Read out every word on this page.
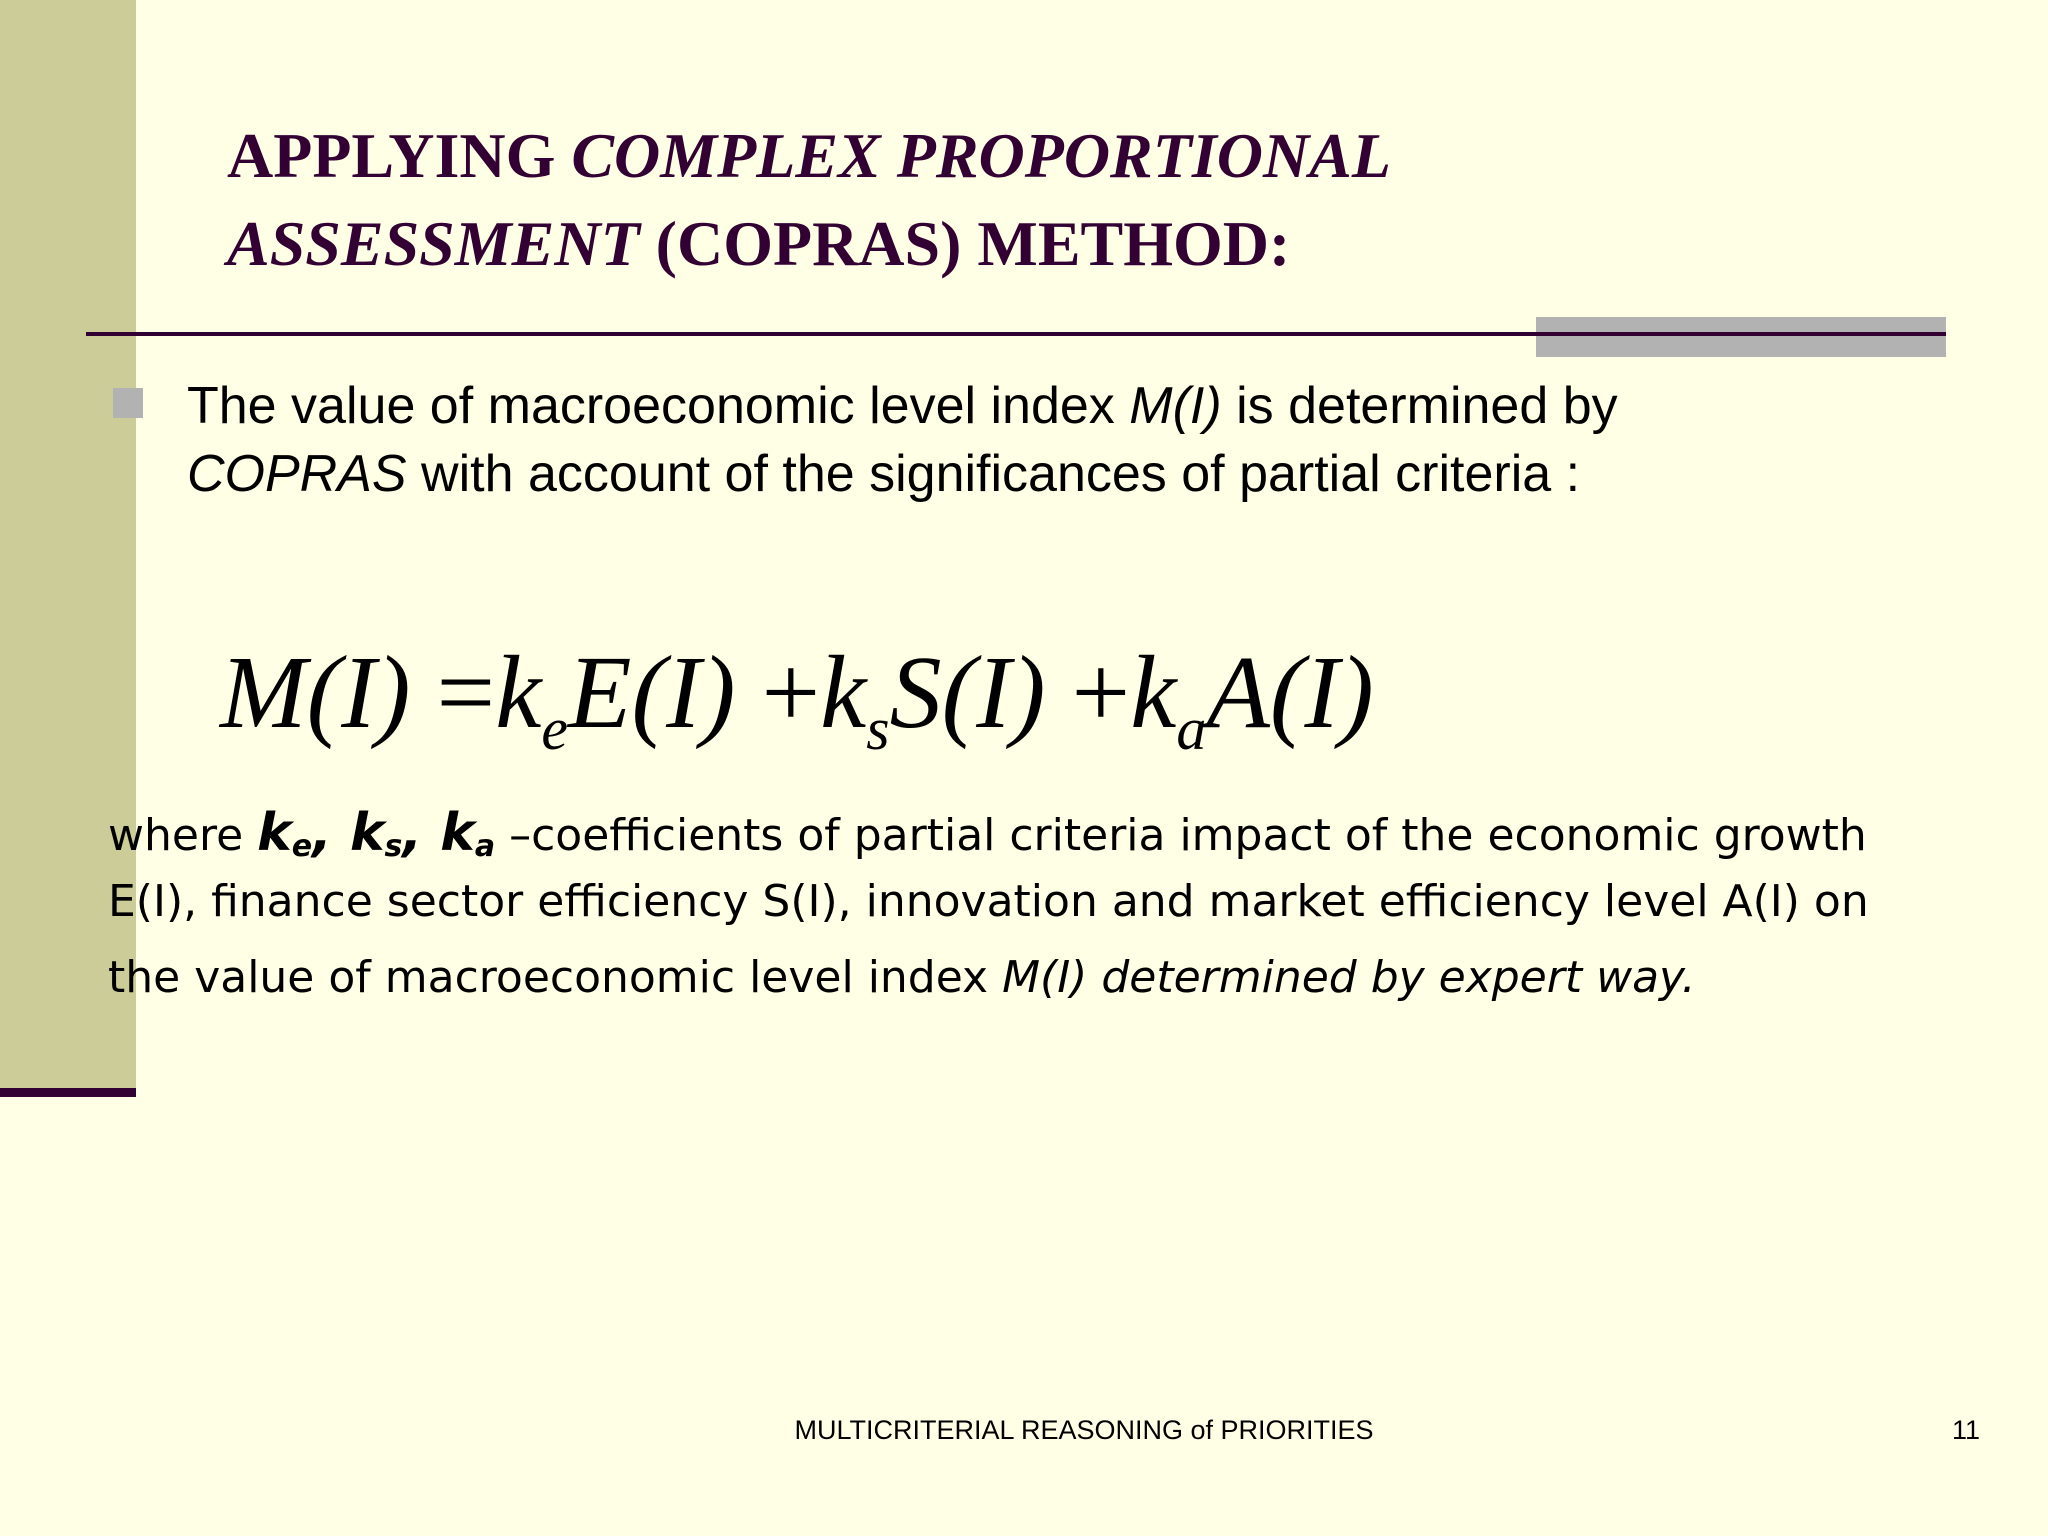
APPLYING COMPLEX PROPORTIONAL
ASSESSMENT (COPRAS) METHOD:
The value of macroeconomic level index M(I) is determined by
COPRAS with account of the significances of partial criteria :
$M(I) =k_eE(I) +k_sS(I) +k_aA(I)$
where $k_e$, $k_s$, $k_a$ –coefficients of partial criteria impact of the economic growth
E(I), finance sector efficiency S(I), innovation and market efficiency level A(I) on
the value of macroeconomic level index M(I) determined by expert way.
MULTICRITERIAL REASONING of PRIORITIES	11
